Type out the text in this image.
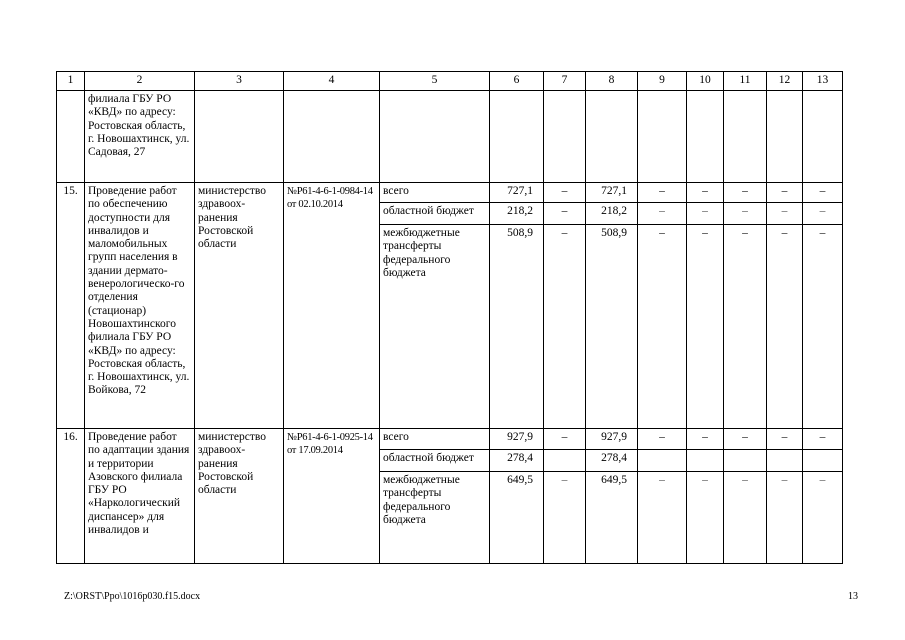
1	2	3	4	5	6	7	8	9	10	11	12	13
	филиала ГБУ РО «КВД» по адресу: Ростовская область, г. Новошахтинск, ул. Садовая, 27											
15.	Проведение работ по обеспечению доступности для инвалидов и маломобильных групп населения в здании дермато-венерологическо-го отделения (стационар) Новошахтинского филиала ГБУ РО «КВД» по адресу: Ростовская область, г. Новошахтинск, ул. Войкова, 72	министерство здравоох-ранения Ростовской области	№Р61-4-6-1-0984-14 от 02.10.2014	всего	727,1	–	727,1	–	–	–	–	–
				областной бюджет	218,2	–	218,2	–	–	–	–	–
				межбюджетные трансферты федерального бюджета	508,9	–	508,9	–	–	–	–	–
16.	Проведение работ по адаптации здания и территории Азовского филиала ГБУ РО «Наркологический диспансер» для инвалидов и	министерство здравоох-ранения Ростовской области	№Р61-4-6-1-0925-14 от 17.09.2014	всего	927,9	–	927,9	–	–	–	–	–
				областной бюджет	278,4		278,4					
				межбюджетные трансферты федерального бюджета	649,5	–	649,5	–	–	–	–	–
Z:\ORST\Ppo\1016p030.f15.docx	13
